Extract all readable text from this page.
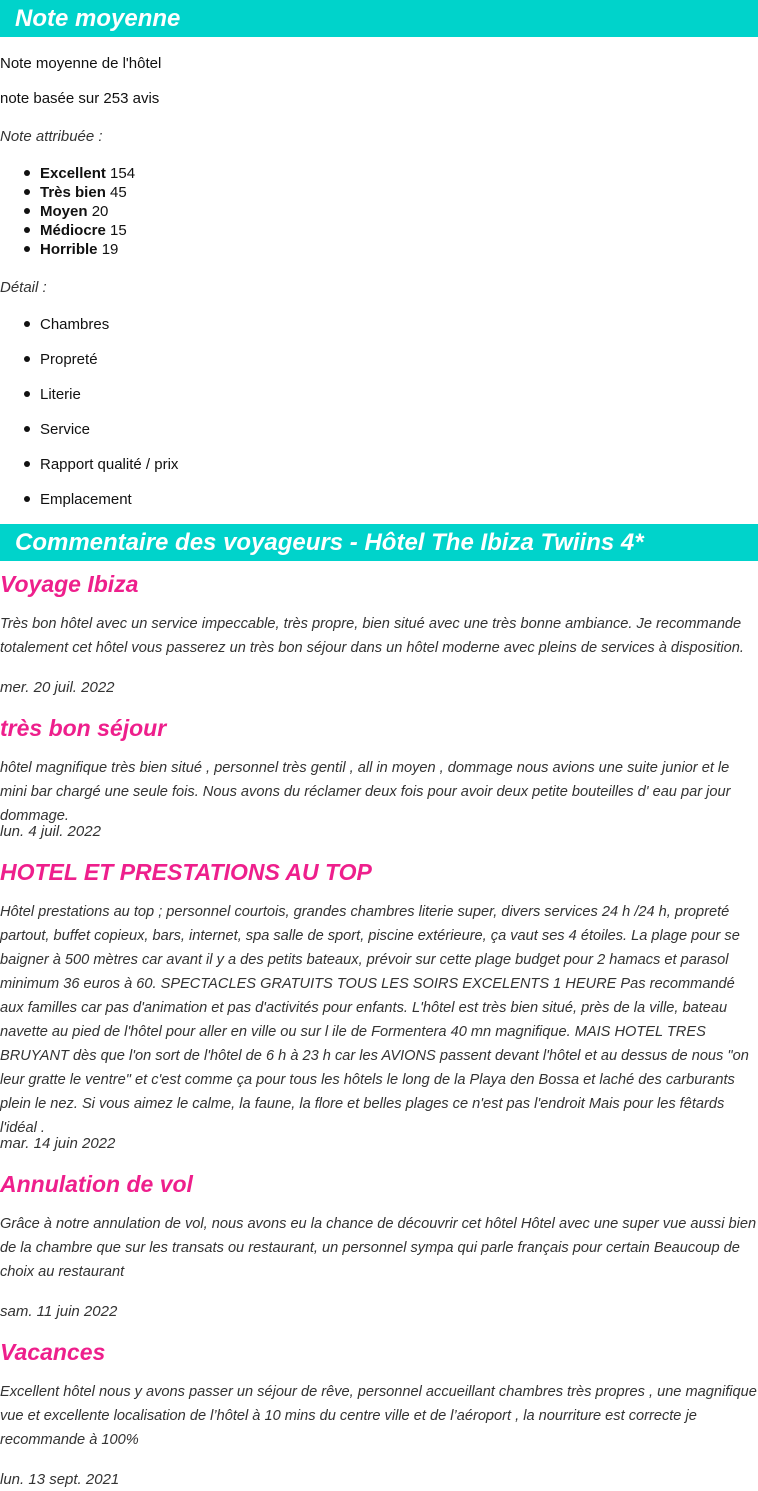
Note moyenne
Note moyenne de l'hôtel
note basée sur 253 avis
Note attribuée :
Excellent 154
Très bien 45
Moyen 20
Médiocre 15
Horrible 19
Détail :
Chambres
Propreté
Literie
Service
Rapport qualité / prix
Emplacement
Commentaire des voyageurs - Hôtel The Ibiza Twiins 4*
Voyage Ibiza
Très bon hôtel avec un service impeccable, très propre, bien situé avec une très bonne ambiance. Je recommande totalement cet hôtel vous passerez un très bon séjour dans un hôtel moderne avec pleins de services à disposition.
mer. 20 juil. 2022
très bon séjour
hôtel magnifique très bien situé , personnel très gentil , all in moyen , dommage nous avions une suite junior et le mini bar chargé une seule fois. Nous avons du réclamer deux fois pour avoir deux petite bouteilles d' eau par jour dommage.
lun. 4 juil. 2022
HOTEL ET PRESTATIONS AU TOP
Hôtel prestations au top ; personnel courtois, grandes chambres literie super, divers services 24 h /24 h, propreté partout, buffet copieux, bars, internet, spa salle de sport, piscine extérieure, ça vaut ses 4 étoiles. La plage pour se baigner à 500 mètres car avant il y a des petits bateaux, prévoir sur cette plage budget pour 2 hamacs et parasol minimum 36 euros à 60. SPECTACLES GRATUITS TOUS LES SOIRS EXCELENTS 1 HEURE Pas recommandé aux familles car pas d'animation et pas d'activités pour enfants. L'hôtel est très bien situé, près de la ville, bateau navette au pied de l'hôtel pour aller en ville ou sur l ile de Formentera 40 mn magnifique. MAIS HOTEL TRES BRUYANT dès que l'on sort de l'hôtel de 6 h à 23 h car les AVIONS passent devant l'hôtel et au dessus de nous "on leur gratte le ventre" et c'est comme ça pour tous les hôtels le long de la Playa den Bossa et laché des carburants plein le nez. Si vous aimez le calme, la faune, la flore et belles plages ce n'est pas l'endroit Mais pour les fêtards l'idéal .
mar. 14 juin 2022
Annulation de vol
Grâce à notre annulation de vol, nous avons eu la chance de découvrir cet hôtel Hôtel avec une super vue aussi bien de la chambre que sur les transats ou restaurant, un personnel sympa qui parle français pour certain Beaucoup de choix au restaurant
sam. 11 juin 2022
Vacances
Excellent hôtel nous y avons passer un séjour de rêve, personnel accueillant chambres très propres , une magnifique vue et excellente localisation de l’hôtel à 10 mins du centre ville et de l’aéroport , la nourriture est correcte je recommande à 100%
lun. 13 sept. 2021
